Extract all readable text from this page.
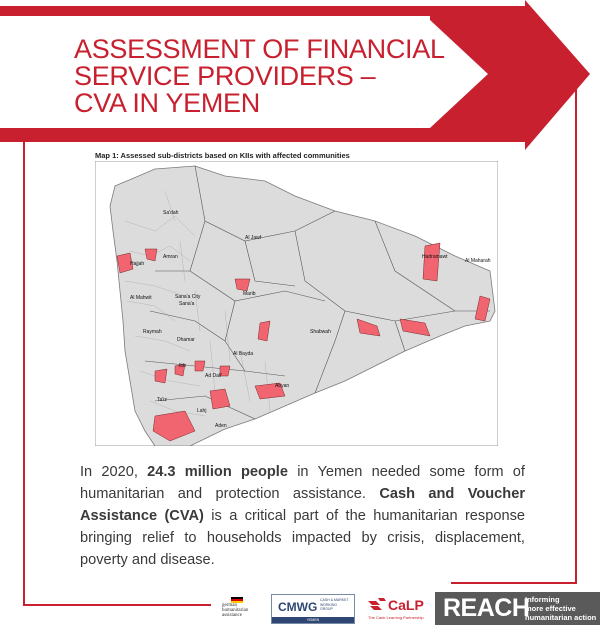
ASSESSMENT OF FINANCIAL
SERVICE PROVIDERS –
CVA IN YEMEN
Map 1: Assessed sub-districts based on KIIs with affected communities
Sa'dah
Al Jawf
Hajjah
Amran	Hadramawt
Al Maharah
Al Mahwit	Sana'a City
Sana'a
Marib
Raymah	Shabwah
Dhamar
Al Bayda
Ibb
Ad Dali'
Abyan
Ta'iz
Lahj
Aden
In 2020, 24.3 million people in Yemen needed some form of humanitarian and protection assistance. Cash and Voucher Assistance (CVA) is a critical part of the humanitarian response bringing relief to households impacted by crisis, displacement, poverty and disease.
german
humanitarian
assistance
CMWG CASH & MARKET WORKING GROUP
YEMEN
CaLP
The Cash Learning Partnership REACH
Informing
more effective
humanitarian action
